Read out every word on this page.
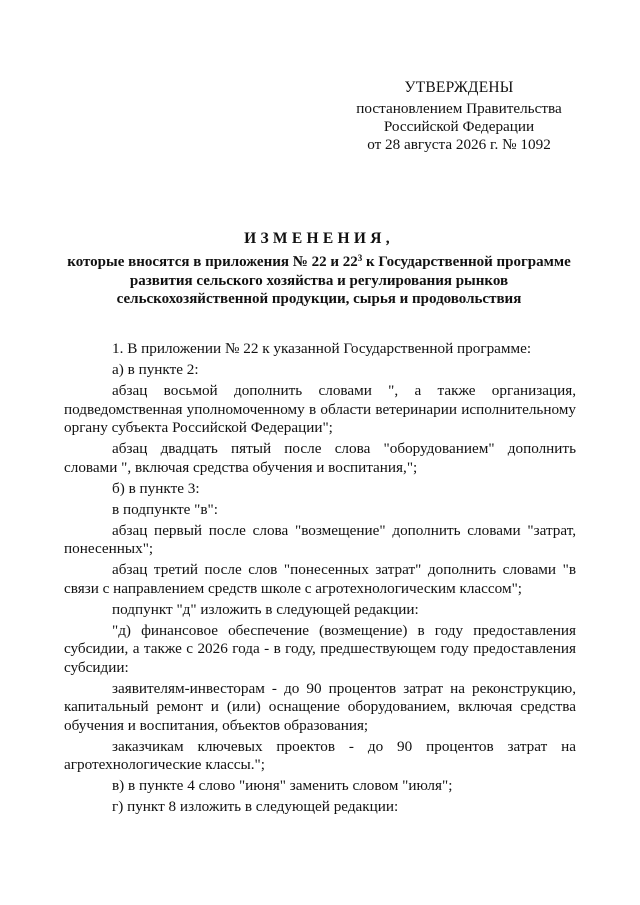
УТВЕРЖДЕНЫ
постановлением Правительства
Российской Федерации
от 28 августа 2026 г. № 1092
ИЗМЕНЕНИЯ,
которые вносятся в приложения № 22 и $22^3$ к Государственной программе развития сельского хозяйства и регулирования рынков сельскохозяйственной продукции, сырья и продовольствия

1. В приложении № 22 к указанной Государственной программе:

а) в пункте 2:

абзац восьмой дополнить словами ", а также организация, подведомственная уполномоченному в области ветеринарии исполнительному органу субъекта Российской Федерации";

абзац двадцать пятый после слова "оборудованием" дополнить словами ", включая средства обучения и воспитания,";

б) в пункте 3:

в подпункте "в":

абзац первый после слова "возмещение" дополнить словами "затрат, понесенных";

абзац третий после слов "понесенных затрат" дополнить словами "в связи с направлением средств школе с агротехнологическим классом";

подпункт "д" изложить в следующей редакции:

"д) финансовое обеспечение (возмещение) в году предоставления субсидии, а также с 2026 года - в году, предшествующем году предоставления субсидии:

заявителям-инвесторам - до 90 процентов затрат на реконструкцию, капитальный ремонт и (или) оснащение оборудованием, включая средства обучения и воспитания, объектов образования;

заказчикам ключевых проектов - до 90 процентов затрат на агротехнологические классы.";

в) в пункте 4 слово "июня" заменить словом "июля";

г) пункт 8 изложить в следующей редакции:
